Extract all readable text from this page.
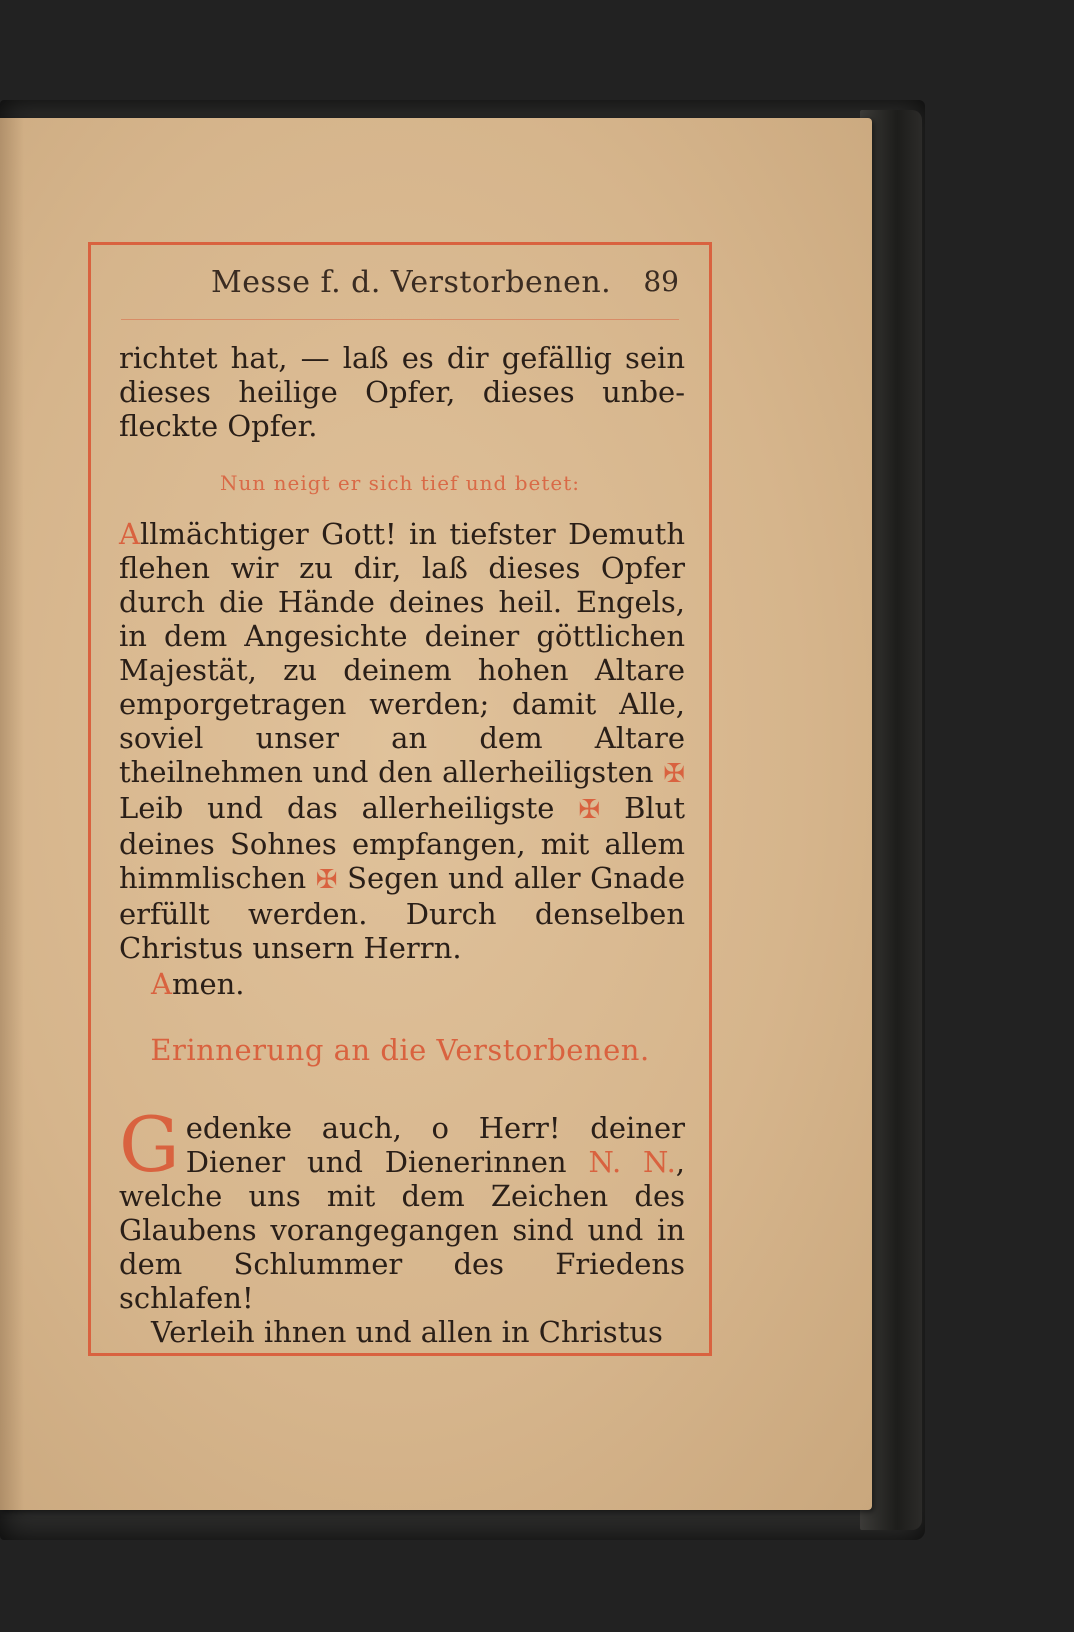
Messe f. d. Verstorbenen. 89

richtet hat, — laß es dir gefällig sein dieses heilige Opfer, dieses unbe-fleckte Opfer.

Nun neigt er sich tief und betet:

Allmächtiger Gott! in tiefster Demuth flehen wir zu dir, laß dieses Opfer durch die Hände deines heil. Engels, in dem Angesichte deiner göttlichen Majestät, zu deinem hohen Altare emporgetragen werden; damit Alle, soviel unser an dem Altare theilnehmen und den allerheiligsten ✠ Leib und das allerheiligste ✠ Blut deines Sohnes empfangen, mit allem himmlischen ✠ Segen und aller Gnade erfüllt werden. Durch denselben Christus unsern Herrn.

Amen.

Erinnerung an die Verstorbenen.

Gedenke auch, o Herr! deiner Diener und Dienerinnen N. N., welche uns mit dem Zeichen des Glaubens vorangegangen sind und in dem Schlummer des Friedens schlafen!

Verleih ihnen und allen in Christus
